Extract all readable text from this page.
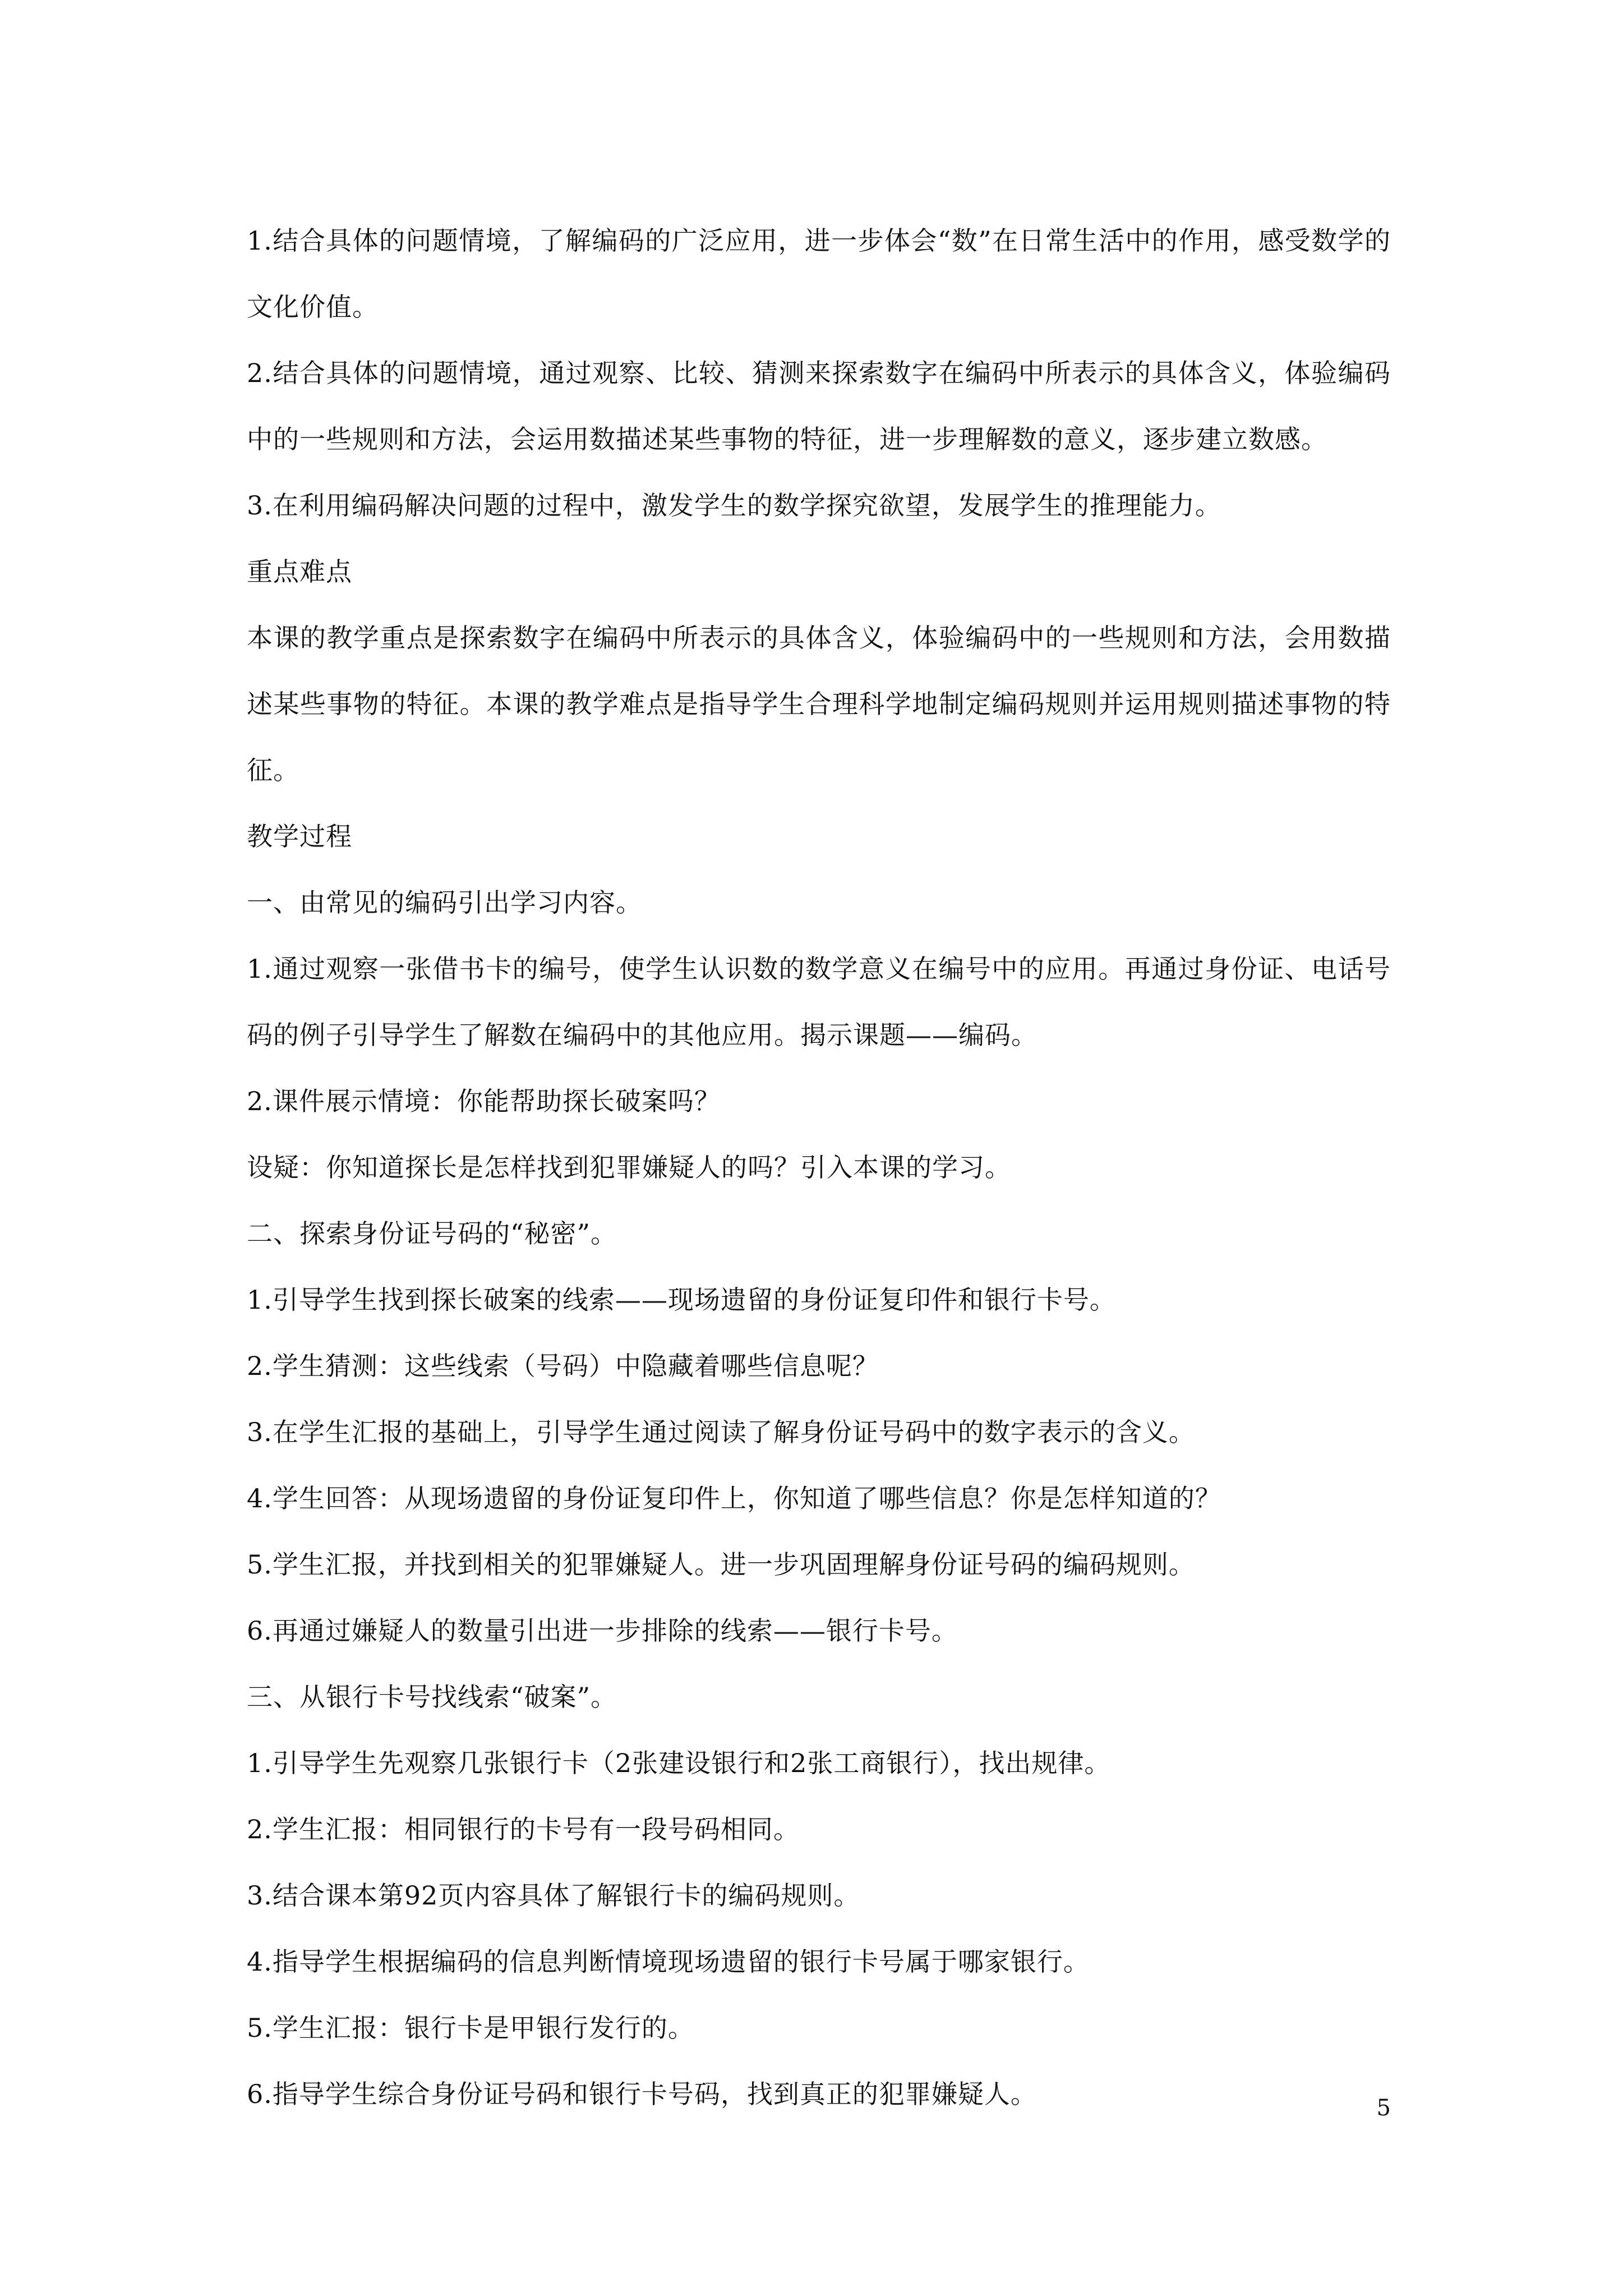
1.结合具体的问题情境，了解编码的广泛应用，进一步体会“数”在日常生活中的作用，感受数学的文化价值。

2.结合具体的问题情境，通过观察、比较、猜测来探索数字在编码中所表示的具体含义，体验编码中的一些规则和方法，会运用数描述某些事物的特征，进一步理解数的意义，逐步建立数感。

3.在利用编码解决问题的过程中，激发学生的数学探究欲望，发展学生的推理能力。

重点难点

本课的教学重点是探索数字在编码中所表示的具体含义，体验编码中的一些规则和方法，会用数描述某些事物的特征。本课的教学难点是指导学生合理科学地制定编码规则并运用规则描述事物的特征。

教学过程

一、由常见的编码引出学习内容。

1.通过观察一张借书卡的编号，使学生认识数的数学意义在编号中的应用。再通过身份证、电话号码的例子引导学生了解数在编码中的其他应用。揭示课题——编码。

2.课件展示情境：你能帮助探长破案吗？

设疑：你知道探长是怎样找到犯罪嫌疑人的吗？引入本课的学习。

二、探索身份证号码的“秘密”。

1.引导学生找到探长破案的线索——现场遗留的身份证复印件和银行卡号。

2.学生猜测：这些线索（号码）中隐藏着哪些信息呢？

3.在学生汇报的基础上，引导学生通过阅读了解身份证号码中的数字表示的含义。

4.学生回答：从现场遗留的身份证复印件上，你知道了哪些信息？你是怎样知道的？

5.学生汇报，并找到相关的犯罪嫌疑人。进一步巩固理解身份证号码的编码规则。

6.再通过嫌疑人的数量引出进一步排除的线索——银行卡号。

三、从银行卡号找线索“破案”。

1.引导学生先观察几张银行卡（2张建设银行和2张工商银行），找出规律。

2.学生汇报：相同银行的卡号有一段号码相同。

3.结合课本第92页内容具体了解银行卡的编码规则。

4.指导学生根据编码的信息判断情境现场遗留的银行卡号属于哪家银行。

5.学生汇报：银行卡是甲银行发行的。

6.指导学生综合身份证号码和银行卡号码，找到真正的犯罪嫌疑人。	5
